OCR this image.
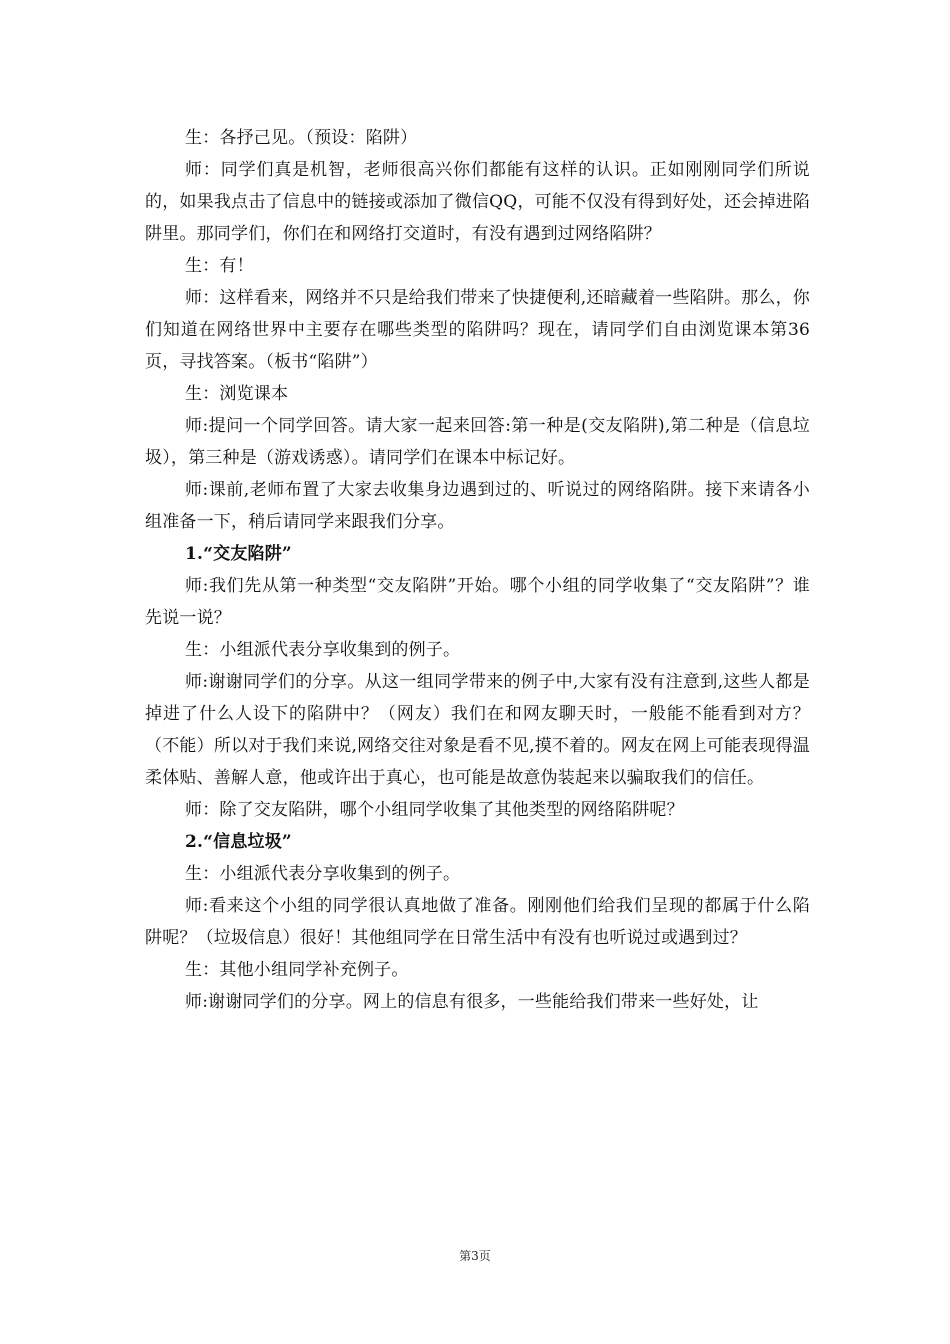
生：各抒己见。（预设：陷阱）

师：同学们真是机智，老师很高兴你们都能有这样的认识。正如刚刚同学们所说的，如果我点击了信息中的链接或添加了微信QQ，可能不仅没有得到好处，还会掉进陷阱里。那同学们，你们在和网络打交道时，有没有遇到过网络陷阱？

生：有！

师：这样看来，网络并不只是给我们带来了快捷便利,还暗藏着一些陷阱。那么，你们知道在网络世界中主要存在哪些类型的陷阱吗？现在，请同学们自由浏览课本第36页，寻找答案。（板书“陷阱”）

生：浏览课本

师:提问一个同学回答。请大家一起来回答:第一种是(交友陷阱),第二种是（信息垃圾），第三种是（游戏诱惑）。请同学们在课本中标记好。

师:课前,老师布置了大家去收集身边遇到过的、听说过的网络陷阱。接下来请各小组准备一下，稍后请同学来跟我们分享。

1.“交友陷阱”

师:我们先从第一种类型“交友陷阱”开始。哪个小组的同学收集了“交友陷阱”？谁先说一说？

生：小组派代表分享收集到的例子。

师:谢谢同学们的分享。从这一组同学带来的例子中,大家有没有注意到,这些人都是掉进了什么人设下的陷阱中？（网友）我们在和网友聊天时，一般能不能看到对方？（不能）所以对于我们来说,网络交往对象是看不见,摸不着的。网友在网上可能表现得温柔体贴、善解人意，他或许出于真心，也可能是故意伪装起来以骗取我们的信任。

师：除了交友陷阱，哪个小组同学收集了其他类型的网络陷阱呢？

2.“信息垃圾”

生：小组派代表分享收集到的例子。

师:看来这个小组的同学很认真地做了准备。刚刚他们给我们呈现的都属于什么陷阱呢？（垃圾信息）很好！其他组同学在日常生活中有没有也听说过或遇到过？

生：其他小组同学补充例子。

师:谢谢同学们的分享。网上的信息有很多，一些能给我们带来一些好处，让

第3页
